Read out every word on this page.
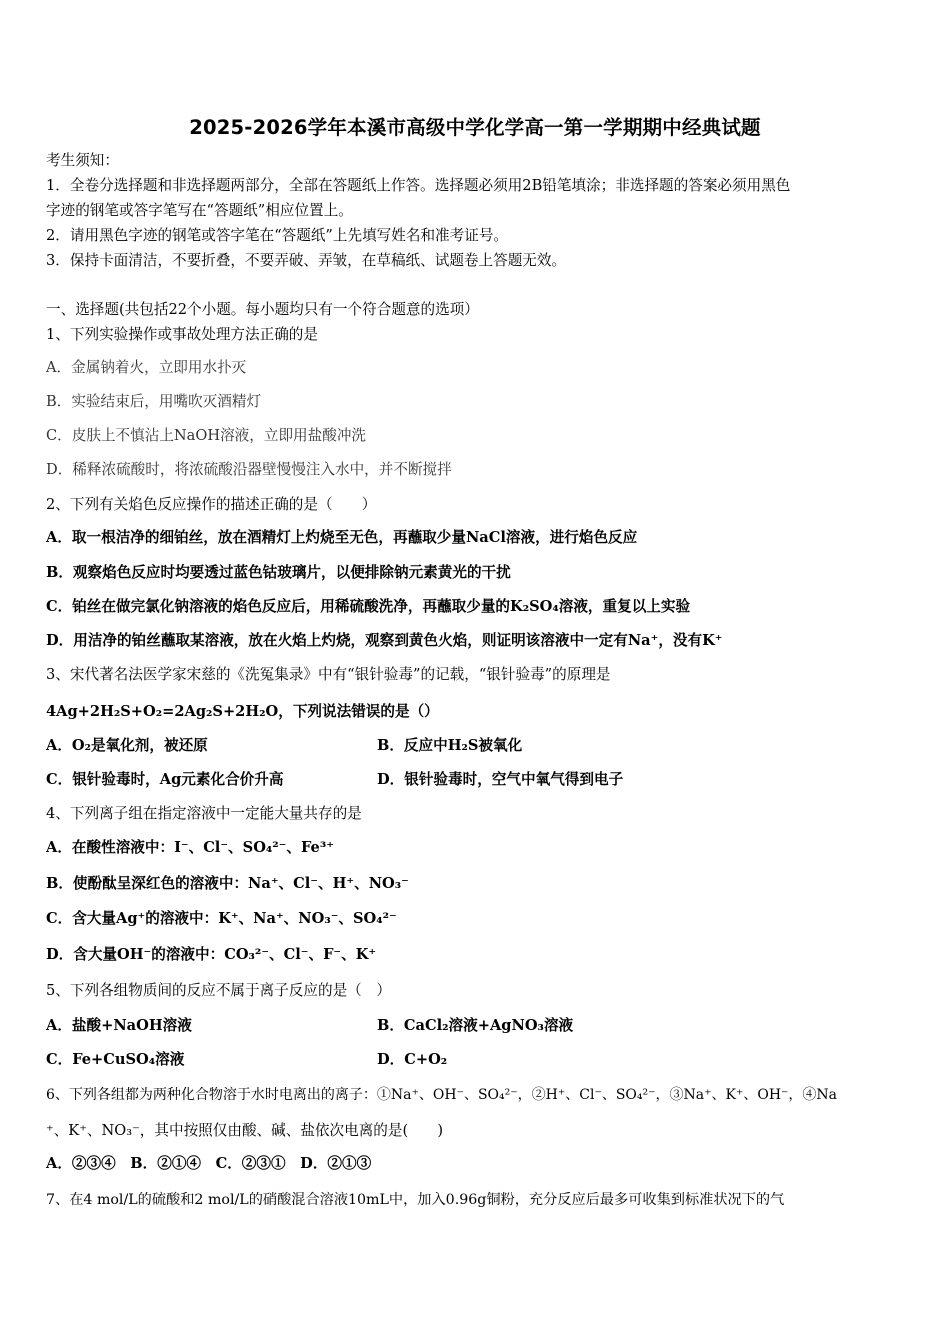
2025-2026学年本溪市高级中学化学高一第一学期期中经典试题
考生须知：
1．全卷分选择题和非选择题两部分，全部在答题纸上作答。选择题必须用2B铅笔填涂；非选择题的答案必须用黑色
字迹的钢笔或答字笔写在“答题纸”相应位置上。
2．请用黑色字迹的钢笔或答字笔在“答题纸”上先填写姓名和准考证号。
3．保持卡面清洁，不要折叠，不要弄破、弄皱，在草稿纸、试题卷上答题无效。
一、选择题(共包括22个小题。每小题均只有一个符合题意的选项）
1、下列实验操作或事故处理方法正确的是
A．金属钠着火，立即用水扑灭
B．实验结束后，用嘴吹灭酒精灯
C．皮肤上不慎沾上NaOH溶液，立即用盐酸冲洗
D．稀释浓硫酸时，将浓硫酸沿器壁慢慢注入水中，并不断搅拌
2、下列有关焰色反应操作的描述正确的是（　　）
A．取一根洁净的细铂丝，放在酒精灯上灼烧至无色，再蘸取少量NaCl溶液，进行焰色反应
B．观察焰色反应时均要透过蓝色钴玻璃片，以便排除钠元素黄光的干扰
C．铂丝在做完氯化钠溶液的焰色反应后，用稀硫酸洗净，再蘸取少量的K₂SO₄溶液，重复以上实验
D．用洁净的铂丝蘸取某溶液，放在火焰上灼烧，观察到黄色火焰，则证明该溶液中一定有Na⁺，没有K⁺
3、宋代著名法医学家宋慈的《洗冤集录》中有“银针验毒”的记载，“银针验毒”的原理是
4Ag+2H₂S+O₂=2Ag₂S+2H₂O，下列说法错误的是（）
A．O₂是氧化剂，被还原	B．反应中H₂S被氧化
C．银针验毒时，Ag元素化合价升高	D．银针验毒时，空气中氧气得到电子
4、下列离子组在指定溶液中一定能大量共存的是
A．在酸性溶液中：I⁻、Cl⁻、SO₄²⁻、Fe³⁺
B．使酚酞呈深红色的溶液中：Na⁺、Cl⁻、H⁺、NO₃⁻
C．含大量Ag⁺的溶液中：K⁺、Na⁺、NO₃⁻、SO₄²⁻
D．含大量OH⁻的溶液中：CO₃²⁻、Cl⁻、F⁻、K⁺
5、下列各组物质间的反应不属于离子反应的是（　）
A．盐酸+NaOH溶液	B．CaCl₂溶液+AgNO₃溶液
C．Fe+CuSO₄溶液	D．C+O₂
6、下列各组都为两种化合物溶于水时电离出的离子：①Na⁺、OH⁻、SO₄²⁻，②H⁺、Cl⁻、SO₄²⁻，③Na⁺、K⁺、OH⁻，④Na
⁺、K⁺、NO₃⁻，其中按照仅由酸、碱、盐依次电离的是(　　)
A．②③④　B．②①④　C．②③①　D．②①③
7、在4 mol/L的硫酸和2 mol/L的硝酸混合溶液10mL中，加入0.96g铜粉，充分反应后最多可收集到标准状况下的气
